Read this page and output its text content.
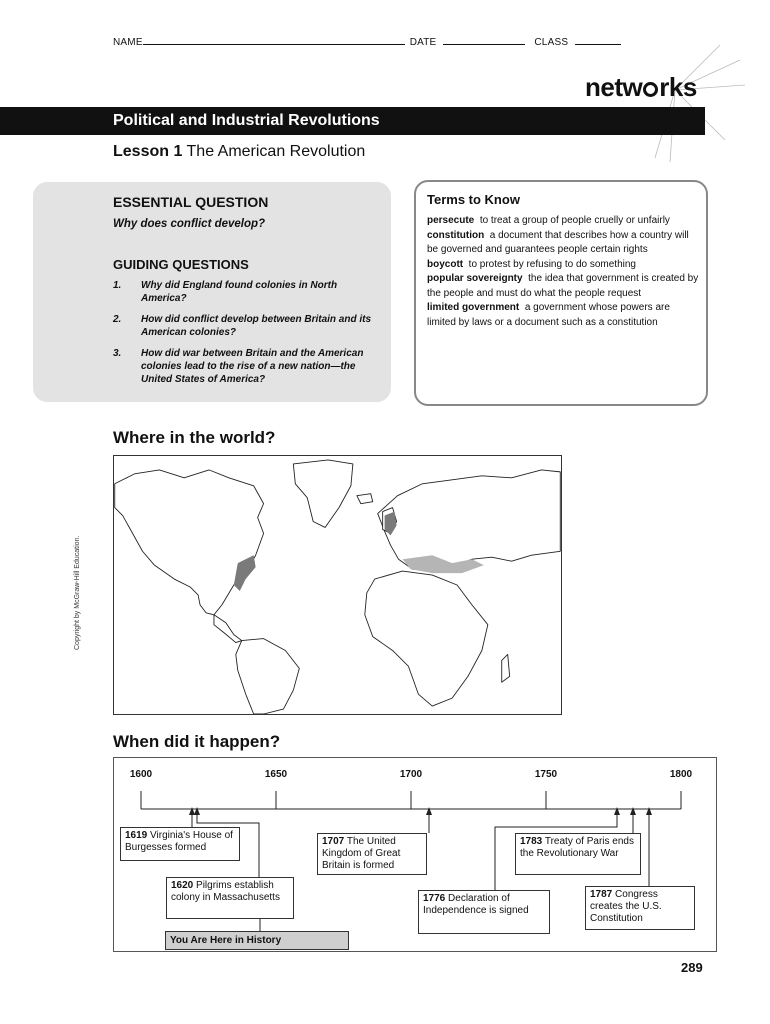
NAME	DATE	CLASS
netw rks
Political and Industrial Revolutions
Lesson 1 The American Revolution
ESSENTIAL QUESTION
Why does conflict develop?
GUIDING QUESTIONS
1.	Why did England found colonies in North America?
2.	How did conflict develop between Britain and its American colonies?
3.	How did war between Britain and the American colonies lead to the rise of a new nation—the United States of America?
Terms to Know
persecute to treat a group of people cruelly or unfairly
constitution a document that describes how a country will be governed and guarantees people certain rights
boycott to protest by refusing to do something
popular sovereignty the idea that government is created by the people and must do what the people request
limited government a government whose powers are limited by laws or a document such as a constitution
Where in the world?
Copyright by McGraw-Hill Education.
When did it happen?
1600	1650	1700	1750	1800
1619 Virginia's House of Burgesses formed
1620 Pilgrims establish colony in Massachusetts
1707 The United Kingdom of Great Britain is formed
1776 Declaration of Independence is signed
1783 Treaty of Paris ends the Revolutionary War
1787 Congress creates the U.S. Constitution
You Are Here in History
289
